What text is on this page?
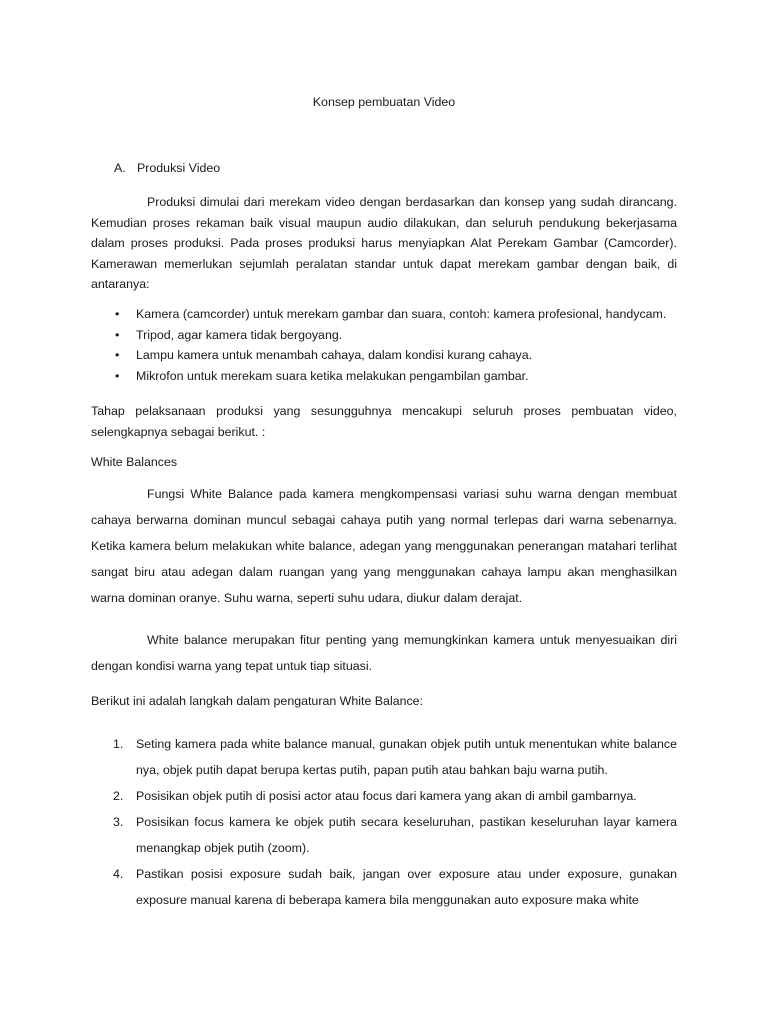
Konsep pembuatan Video
A. Produksi Video
Produksi dimulai dari merekam video dengan berdasarkan dan konsep yang sudah dirancang. Kemudian proses rekaman baik visual maupun audio dilakukan, dan seluruh pendukung bekerjasama dalam proses produksi. Pada proses produksi harus menyiapkan Alat Perekam Gambar (Camcorder). Kamerawan memerlukan sejumlah peralatan standar untuk dapat merekam gambar dengan baik, di antaranya:
• Kamera (camcorder) untuk merekam gambar dan suara, contoh: kamera profesional, handycam.
• Tripod, agar kamera tidak bergoyang.
• Lampu kamera untuk menambah cahaya, dalam kondisi kurang cahaya.
• Mikrofon untuk merekam suara ketika melakukan pengambilan gambar.
Tahap pelaksanaan produksi yang sesungguhnya mencakupi seluruh proses pembuatan video, selengkapnya sebagai berikut. :
White Balances
Fungsi White Balance pada kamera mengkompensasi variasi suhu warna dengan membuat cahaya berwarna dominan muncul sebagai cahaya putih yang normal terlepas dari warna sebenarnya. Ketika kamera belum melakukan white balance, adegan yang menggunakan penerangan matahari terlihat sangat biru atau adegan dalam ruangan yang yang menggunakan cahaya lampu akan menghasilkan warna dominan oranye. Suhu warna, seperti suhu udara, diukur dalam derajat.
White balance merupakan fitur penting yang memungkinkan kamera untuk menyesuaikan diri dengan kondisi warna yang tepat untuk tiap situasi.
Berikut ini adalah langkah dalam pengaturan White Balance:
1. Seting kamera pada white balance manual, gunakan objek putih untuk menentukan white balance nya, objek putih dapat berupa kertas putih, papan putih atau bahkan baju warna putih.
2. Posisikan objek putih di posisi actor atau focus dari kamera yang akan di ambil gambarnya.
3. Posisikan focus kamera ke objek putih secara keseluruhan, pastikan keseluruhan layar kamera menangkap objek putih (zoom).
4. Pastikan posisi exposure sudah baik, jangan over exposure atau under exposure, gunakan exposure manual karena di beberapa kamera bila menggunakan auto exposure maka white
